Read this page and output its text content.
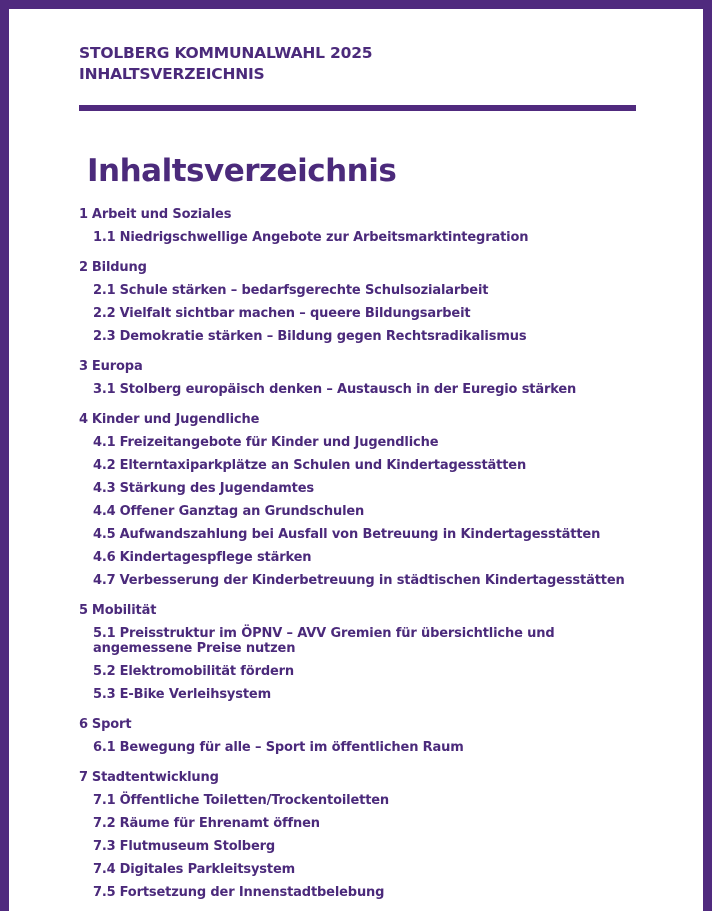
STOLBERG KOMMUNALWAHL 2025
INHALTSVERZEICHNIS
Inhaltsverzeichnis
1 Arbeit und Soziales
1.1 Niedrigschwellige Angebote zur Arbeitsmarktintegration
2 Bildung
2.1 Schule stärken – bedarfsgerechte Schulsozialarbeit
2.2 Vielfalt sichtbar machen – queere Bildungsarbeit
2.3 Demokratie stärken – Bildung gegen Rechtsradikalismus
3 Europa
3.1 Stolberg europäisch denken – Austausch in der Euregio stärken
4 Kinder und Jugendliche
4.1 Freizeitangebote für Kinder und Jugendliche
4.2 Elterntaxiparkplätze an Schulen und Kindertagesstätten
4.3 Stärkung des Jugendamtes
4.4 Offener Ganztag an Grundschulen
4.5 Aufwandszahlung bei Ausfall von Betreuung in Kindertagesstätten
4.6 Kindertagespflege stärken
4.7 Verbesserung der Kinderbetreuung in städtischen Kindertagesstätten
5 Mobilität
5.1 Preisstruktur im ÖPNV – AVV Gremien für übersichtliche und angemessene Preise nutzen
5.2 Elektromobilität fördern
5.3 E-Bike Verleihsystem
6 Sport
6.1 Bewegung für alle – Sport im öffentlichen Raum
7 Stadtentwicklung
7.1 Öffentliche Toiletten/Trockentoiletten
7.2 Räume für Ehrenamt öffnen
7.3 Flutmuseum Stolberg
7.4 Digitales Parkleitsystem
7.5 Fortsetzung der Innenstadtbelebung
